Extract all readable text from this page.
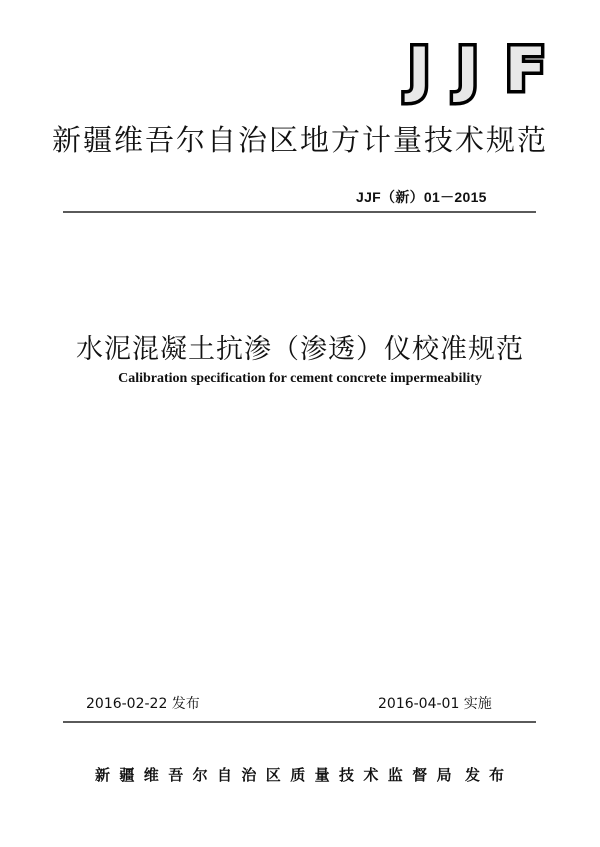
J J F
新疆维吾尔自治区地方计量技术规范
JJF（新）01－2015
水泥混凝土抗渗（渗透）仪校准规范
Calibration specification for cement concrete impermeability
2016-02-22 发布	2016-04-01 实施
新疆维吾尔自治区质量技术监督局 发布
